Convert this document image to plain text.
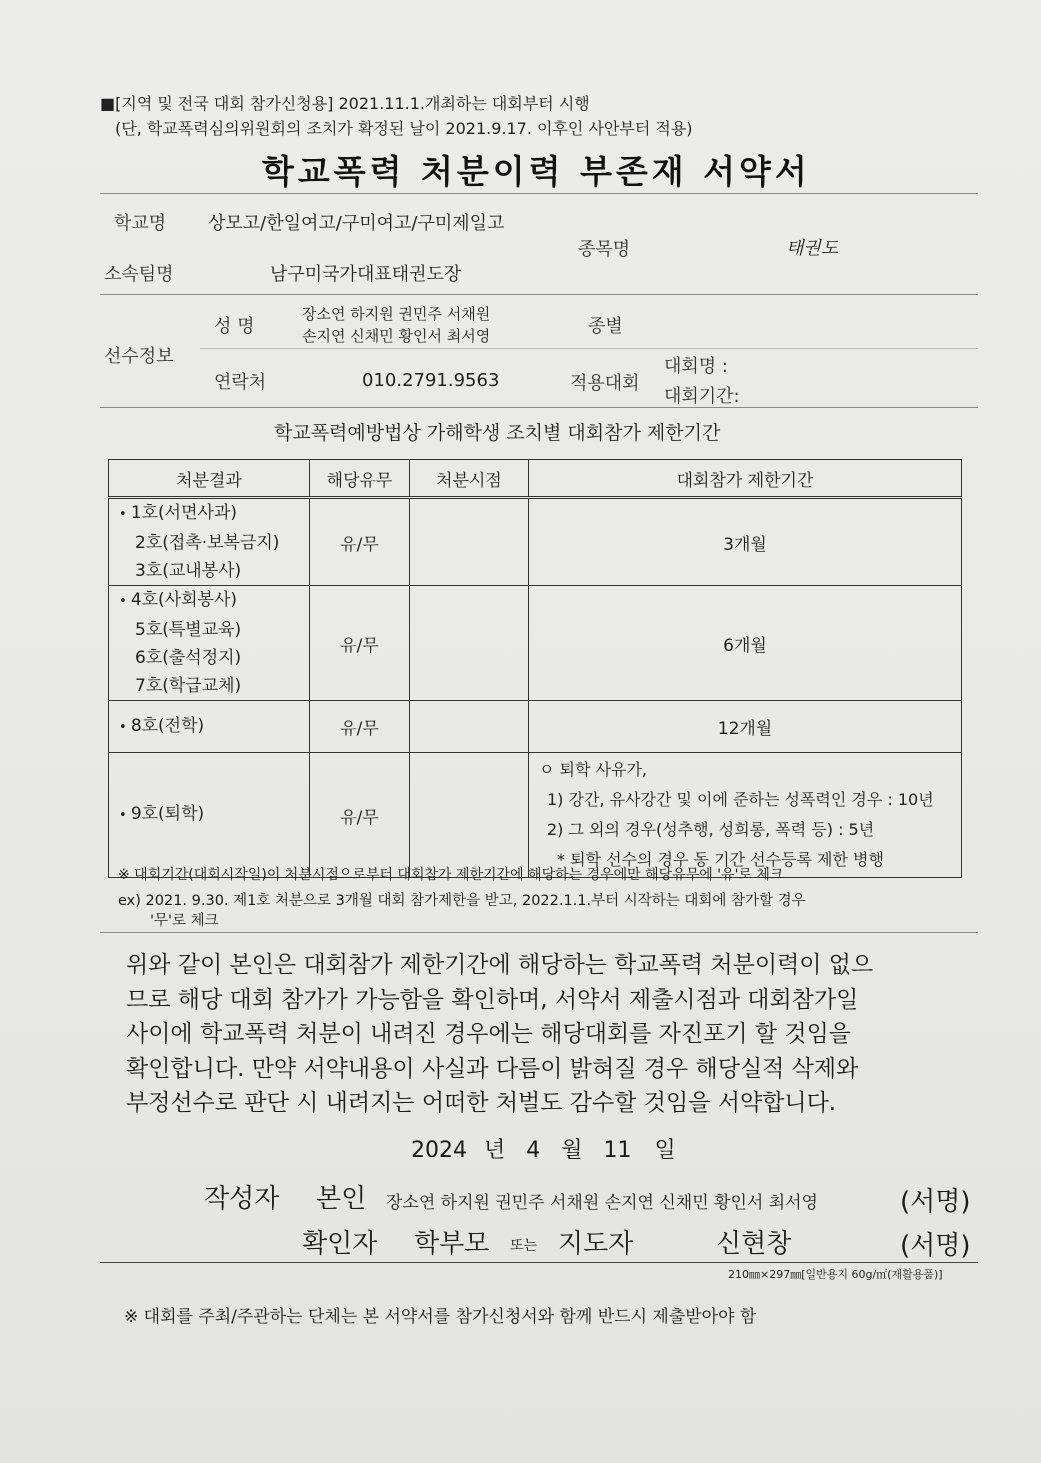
■[지역 및 전국 대회 참가신청용] 2021.11.1.개최하는 대회부터 시행
(단, 학교폭력심의위원회의 조치가 확정된 날이 2021.9.17. 이후인 사안부터 적용)
학교폭력 처분이력 부존재 서약서
학교명 상모고/한일여고/구미여고/구미제일고
종목명	태권도
소속팀명	남구미국가대표태권도장
성 명
장소연 하지원 권민주 서채원
손지연 신채민 황인서 최서영	종별
선수정보
연락처	010.2791.9563	적용대회
대회명 :
대회기간:
학교폭력예방법상 가해학생 조치별 대회참가 제한기간
처분결과	해당유무	처분시점	대회참가 제한기간

• 1호(서면사과)
2호(접촉·보복금지)
3호(교내봉사)	유/무		3개월

• 4호(사회봉사)
5호(특별교육)
6호(출석정지)
7호(학급교체)	유/무		6개월

• 8호(전학)	유/무		12개월

• 9호(퇴학)	유/무		ㅇ 퇴학 사유가,
1) 강간, 유사강간 및 이에 준하는 성폭력인 경우 : 10년
2) 그 외의 경우(성추행, 성희롱, 폭력 등) : 5년
* 퇴학 선수의 경우 동 기간 선수등록 제한 병행
※ 대회기간(대회시작일)이 처분시점으로부터 대회참가 제한기간에 해당하는 경우에만 해당유무에 '유'로 체크
ex) 2021. 9.30. 제1호 처분으로 3개월 대회 참가제한을 받고, 2022.1.1.부터 시작하는 대회에 참가할 경우
'무'로 체크
위와 같이 본인은 대회참가 제한기간에 해당하는 학교폭력 처분이력이 없으
므로 해당 대회 참가가 가능함을 확인하며, 서약서 제출시점과 대회참가일
사이에 학교폭력 처분이 내려진 경우에는 해당대회를 자진포기 할 것임을
확인합니다. 만약 서약내용이 사실과 다름이 밝혀질 경우 해당실적 삭제와
부정선수로 판단 시 내려지는 어떠한 처벌도 감수할 것임을 서약합니다.
2024 년 4 월 11 일
작성자 본인 장소연 하지원 권민주 서채원 손지연 신채민 황인서 최서영	(서명)
확인자 학부모 또는 지도자	신현창	(서명)
210㎜×297㎜[일반용지 60g/㎡(재활용품)]
※ 대회를 주최/주관하는 단체는 본 서약서를 참가신청서와 함께 반드시 제출받아야 함
